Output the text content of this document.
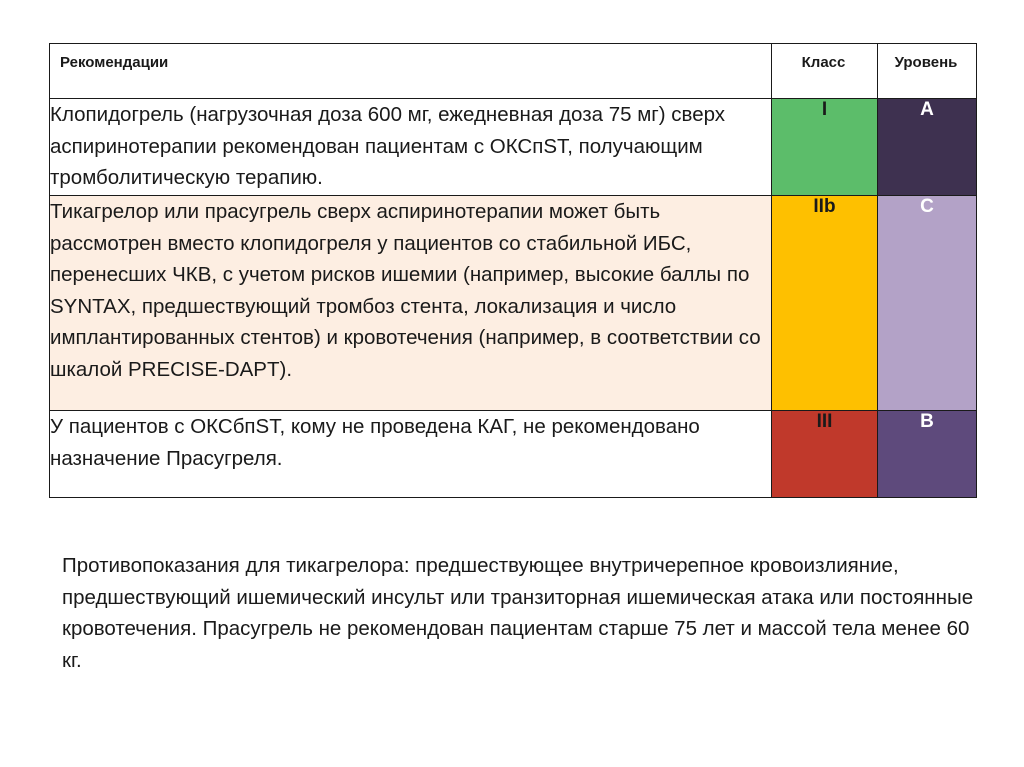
Рекомендации	Класс	Уровень

Клопидогрель (нагрузочная доза 600 мг, ежедневная доза 75 мг) сверх аспиринотерапии рекомендован пациентам с ОКСпST, получающим тромболитическую терапию.	I	A
Тикагрелор или прасугрель сверх аспиринотерапии может быть рассмотрен вместо клопидогреля у пациентов со стабильной ИБС, перенесших ЧКВ, с учетом рисков ишемии (например, высокие баллы по SYNTAX, предшествующий тромбоз стента, локализация и число имплантированных стентов) и кровотечения (например, в соответствии со шкалой PRECISE-DAPT).	IIb	C
У пациентов с ОКСбпST, кому не проведена КАГ, не рекомендовано назначение Прасугреля.	III	B
Противопоказания для тикагрелора: предшествующее внутричерепное кровоизлияние, предшествующий ишемический инсульт или транзиторная ишемическая атака или постоянные кровотечения. Прасугрель не рекомендован пациентам старше 75 лет и массой тела менее 60 кг.
